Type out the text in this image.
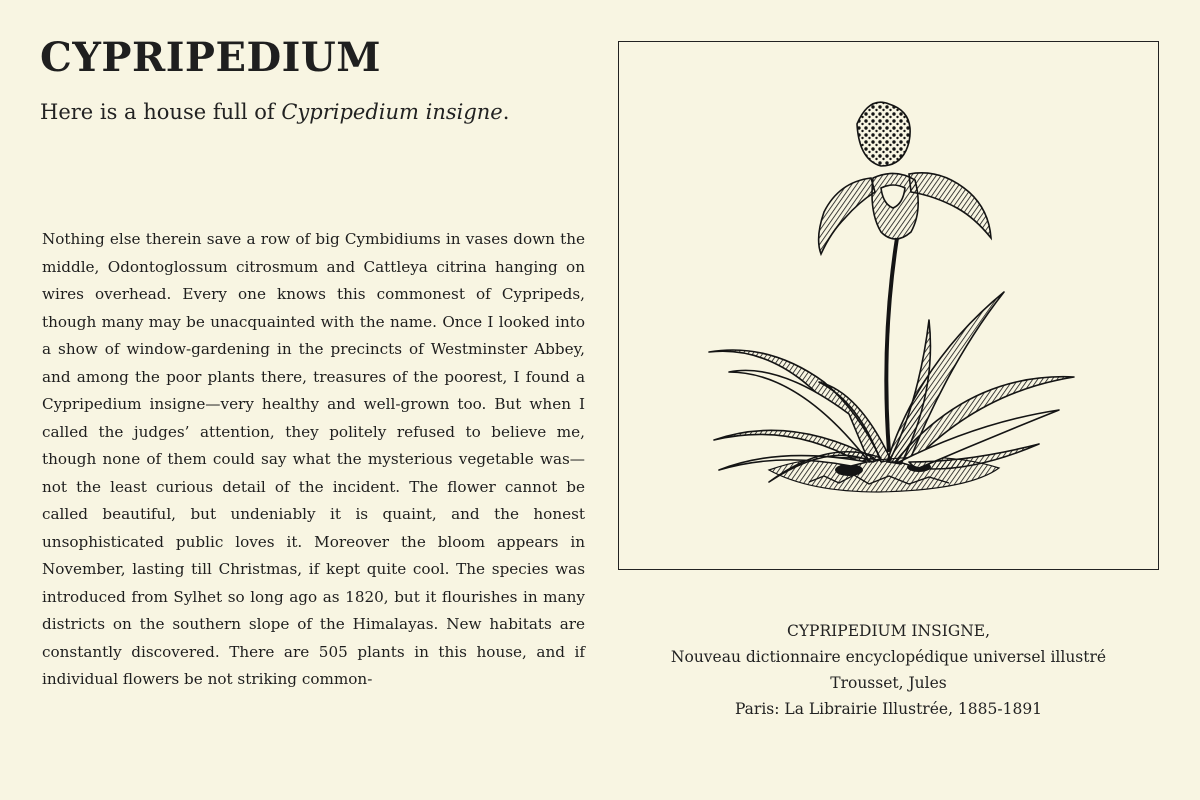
CYPRIPEDIUM

Here is a house full of Cypripedium insigne.

Nothing else therein save a row of big Cymbidiums in vases down the middle, Odontoglossum citrosmum and Cattleya citrina hanging on wires overhead. Every one knows this commonest of Cypripeds, though many may be unacquainted with the name. Once I looked into a show of window-gardening in the precincts of Westminster Abbey, and among the poor plants there, treasures of the poorest, I found a Cypripedium insigne—very healthy and well-grown too. But when I called the judges’ attention, they politely refused to believe me, though none of them could say what the mysterious vegetable was—not the least curious detail of the incident. The flower cannot be called beautiful, but undeniably it is quaint, and the honest unsophisticated public loves it. Moreover the bloom appears in November, lasting till Christmas, if kept quite cool. The species was introduced from Sylhet so long ago as 1820, but it flourishes in many districts on the southern slope of the Himalayas. New habitats are constantly discovered. There are 505 plants in this house, and if individual flowers be not striking common-

CYPRIPEDIUM INSIGNE,
Nouveau dictionnaire encyclopédique universel illustré
Trousset, Jules
Paris: La Librairie Illustrée, 1885-1891
